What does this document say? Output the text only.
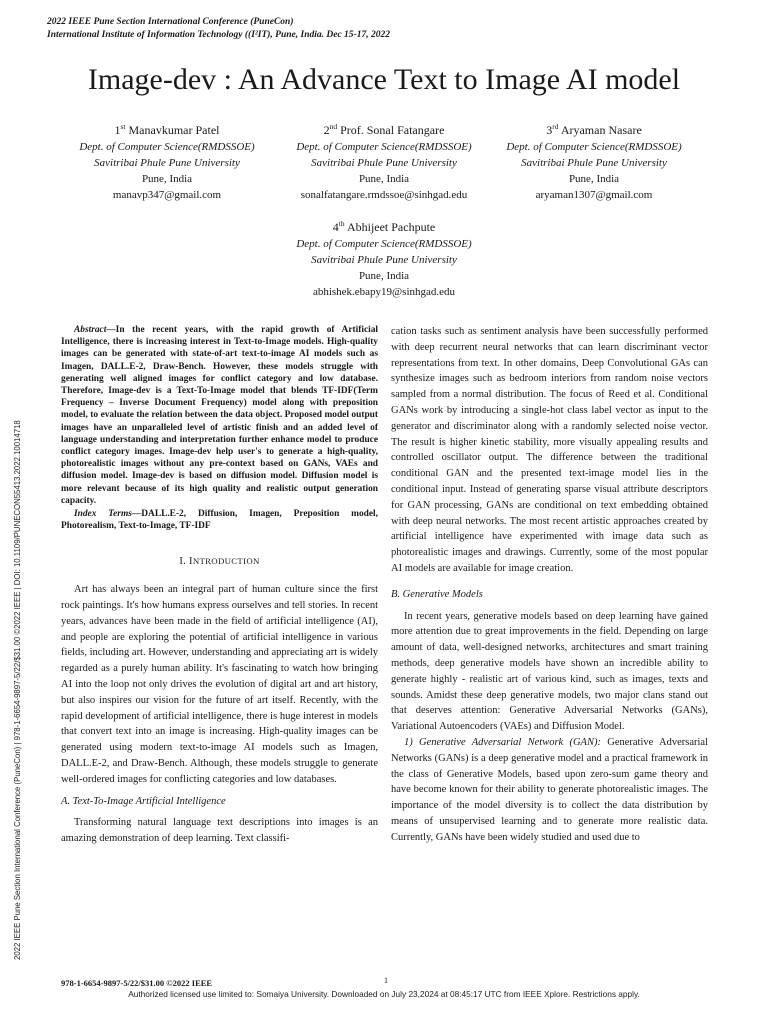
2022 IEEE Pune Section International Conference (PuneCon)
International Institute of Information Technology ((I²IT), Pune, India. Dec 15-17, 2022
Image-dev : An Advance Text to Image AI model
1st Manavkumar Patel
Dept. of Computer Science(RMDSSOE)
Savitribai Phule Pune University
Pune, India
manavp347@gmail.com
2nd Prof. Sonal Fatangare
Dept. of Computer Science(RMDSSOE)
Savitribai Phule Pune University
Pune, India
sonalfatangare.rmdssoe@sinhgad.edu
3rd Aryaman Nasare
Dept. of Computer Science(RMDSSOE)
Savitribai Phule Pune University
Pune, India
aryaman1307@gmail.com
4th Abhijeet Pachpute
Dept. of Computer Science(RMDSSOE)
Savitribai Phule Pune University
Pune, India
abhishek.ebapy19@sinhgad.edu

Abstract—In the recent years, with the rapid growth of Artificial Intelligence, there is increasing interest in Text-to-Image models. High-quality images can be generated with state-of-art text-to-image AI models such as Imagen, DALL.E-2, Draw-Bench. However, these models struggle with generating well aligned images for conflict category and low database. Therefore, Image-dev is a Text-To-Image model that blends TF-IDF(Term Frequency – Inverse Document Frequency) model along with preposition model, to evaluate the relation between the data object. Proposed model output images have an unparalleled level of artistic finish and an added level of language understanding and interpretation further enhance model to produce conflict category images. Image-dev help user's to generate a high-quality, photorealistic images without any pre-context based on GANs, VAEs and diffusion model. Image-dev is based on diffusion model. Diffusion model is more relevant because of its high quality and realistic output generation capacity.

Index Terms—DALL.E-2, Diffusion, Imagen, Preposition model, Photorealism, Text-to-Image, TF-IDF

I. INTRODUCTION

Art has always been an integral part of human culture since the first rock paintings. It's how humans express ourselves and tell stories. In recent years, advances have been made in the field of artificial intelligence (AI), and people are exploring the potential of artificial intelligence in various fields, including art. However, understanding and appreciating art is widely regarded as a purely human ability. It's fascinating to watch how bringing AI into the loop not only drives the evolution of digital art and art history, but also inspires our vision for the future of art itself. Recently, with the rapid development of artificial intelligence, there is huge interest in models that convert text into an image is increasing. High-quality images can be generated using modern text-to-image AI models such as Imagen, DALL.E-2, and Draw-Bench. Although, these models struggle to generate well-ordered images for conflicting categories and low databases.

A. Text-To-Image Artificial Intelligence

Transforming natural language text descriptions into images is an amazing demonstration of deep learning. Text classifi-

cation tasks such as sentiment analysis have been successfully performed with deep recurrent neural networks that can learn discriminant vector representations from text. In other domains, Deep Convolutional GAs can synthesize images such as bedroom interiors from random noise vectors sampled from a normal distribution. The focus of Reed et al. Conditional GANs work by introducing a single-hot class label vector as input to the generator and discriminator along with a randomly selected noise vector. The result is higher kinetic stability, more visually appealing results and controlled oscillator output. The difference between the traditional conditional GAN and the presented text-image model lies in the conditional input. Instead of generating sparse visual attribute descriptors for GAN processing, GANs are conditional on text embedding obtained with deep neural networks. The most recent artistic approaches created by artificial intelligence have experimented with image data such as photorealistic images and drawings. Currently, some of the most popular AI models are available for image creation.

B. Generative Models

In recent years, generative models based on deep learning have gained more attention due to great improvements in the field. Depending on large amount of data, well-designed networks, architectures and smart training methods, deep generative models have shown an incredible ability to generate highly - realistic art of various kind, such as images, texts and sounds. Amidst these deep generative models, two major clans stand out that deserves attention: Generative Adversarial Networks (GANs), Variational Autoencoders (VAEs) and Diffusion Model.

1) Generative Adversarial Network (GAN): Generative Adversarial Networks (GANs) is a deep generative model and a practical framework in the class of Generative Models, based upon zero-sum game theory and have become known for their ability to generate photorealistic images. The importance of the model diversity is to collect the data distribution by means of unsupervised learning and to generate more realistic data. Currently, GANs have been widely studied and used due to

2022 IEEE Pune Section International Conference (PuneCon) | 978-1-6654-9897-5/22/$31.00 ©2022 IEEE | DOI: 10.1109/PUNECON55413.2022.10014718
978-1-6654-9897-5/22/$31.00 ©2022 IEEE	1
Authorized licensed use limited to: Somaiya University. Downloaded on July 23,2024 at 08:45:17 UTC from IEEE Xplore. Restrictions apply.
